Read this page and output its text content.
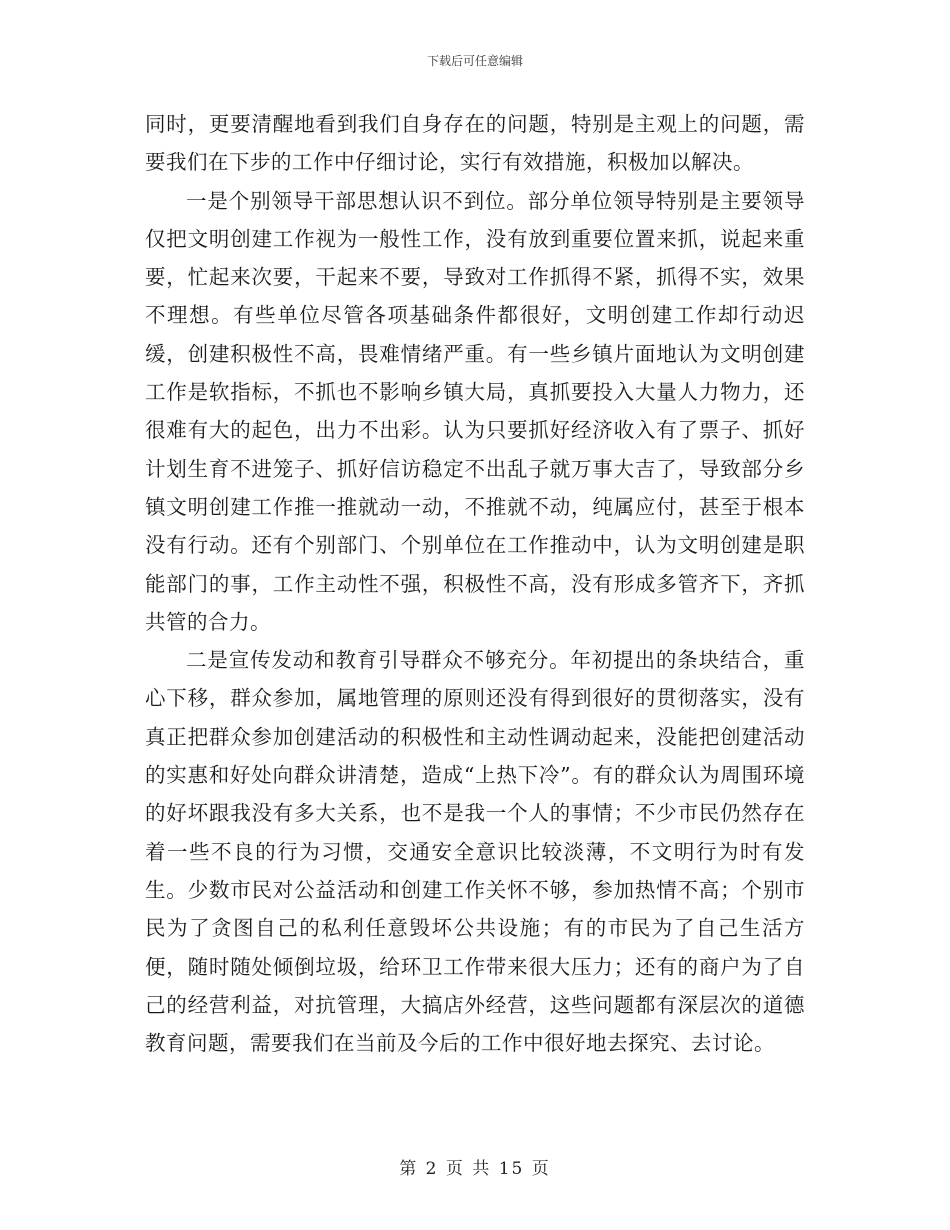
下载后可任意编辑

同时，更要清醒地看到我们自身存在的问题，特别是主观上的问题，需要我们在下步的工作中仔细讨论，实行有效措施，积极加以解决。

一是个别领导干部思想认识不到位。部分单位领导特别是主要领导仅把文明创建工作视为一般性工作，没有放到重要位置来抓，说起来重要，忙起来次要，干起来不要，导致对工作抓得不紧，抓得不实，效果不理想。有些单位尽管各项基础条件都很好，文明创建工作却行动迟缓，创建积极性不高，畏难情绪严重。有一些乡镇片面地认为文明创建工作是软指标，不抓也不影响乡镇大局，真抓要投入大量人力物力，还很难有大的起色，出力不出彩。认为只要抓好经济收入有了票子、抓好计划生育不进笼子、抓好信访稳定不出乱子就万事大吉了，导致部分乡镇文明创建工作推一推就动一动，不推就不动，纯属应付，甚至于根本没有行动。还有个别部门、个别单位在工作推动中，认为文明创建是职能部门的事，工作主动性不强，积极性不高，没有形成多管齐下，齐抓共管的合力。

二是宣传发动和教育引导群众不够充分。年初提出的条块结合，重心下移，群众参加，属地管理的原则还没有得到很好的贯彻落实，没有真正把群众参加创建活动的积极性和主动性调动起来，没能把创建活动的实惠和好处向群众讲清楚，造成“上热下冷”。有的群众认为周围环境的好坏跟我没有多大关系，也不是我一个人的事情；不少市民仍然存在着一些不良的行为习惯，交通安全意识比较淡薄，不文明行为时有发生。少数市民对公益活动和创建工作关怀不够，参加热情不高；个别市民为了贪图自己的私利任意毁坏公共设施；有的市民为了自己生活方便，随时随处倾倒垃圾，给环卫工作带来很大压力；还有的商户为了自己的经营利益，对抗管理，大搞店外经营，这些问题都有深层次的道德教育问题，需要我们在当前及今后的工作中很好地去探究、去讨论。

第 2 页 共 15 页
